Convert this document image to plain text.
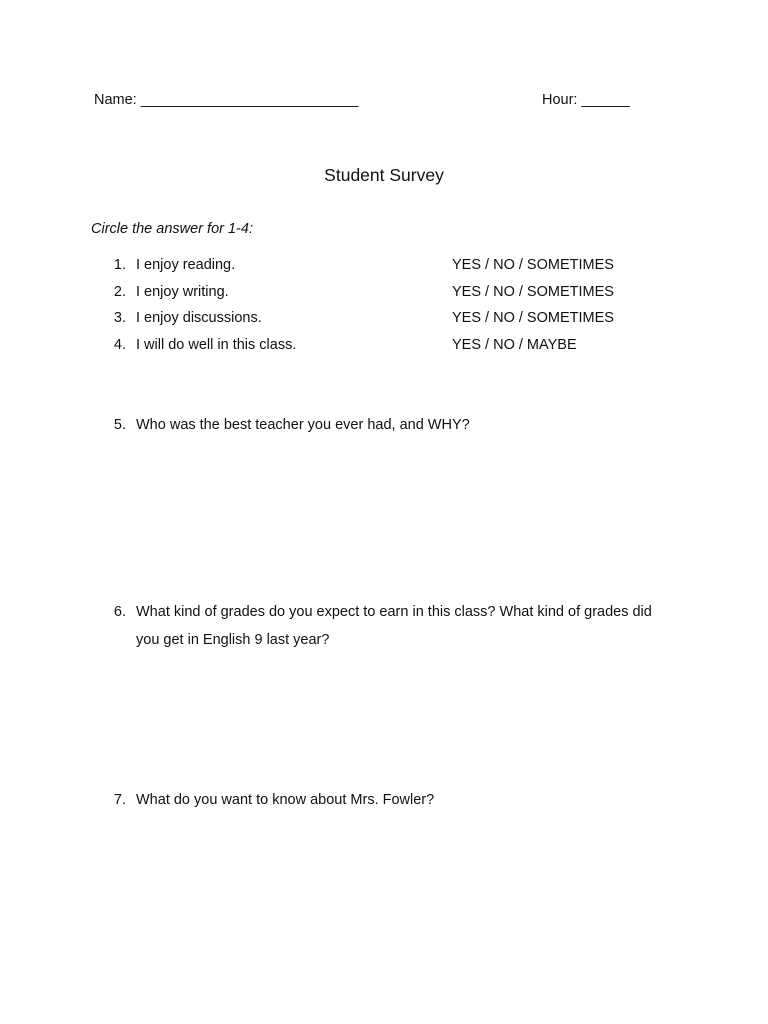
Name: ___________________________	Hour: ______
Student Survey
Circle the answer for 1-4:
1. I enjoy reading.	YES / NO / SOMETIMES
2. I enjoy writing.	YES / NO / SOMETIMES
3. I enjoy discussions.	YES / NO / SOMETIMES
4. I will do well in this class.	YES / NO / MAYBE
5. Who was the best teacher you ever had, and WHY?
6. What kind of grades do you expect to earn in this class? What kind of grades did
you get in English 9 last year?
7. What do you want to know about Mrs. Fowler?
